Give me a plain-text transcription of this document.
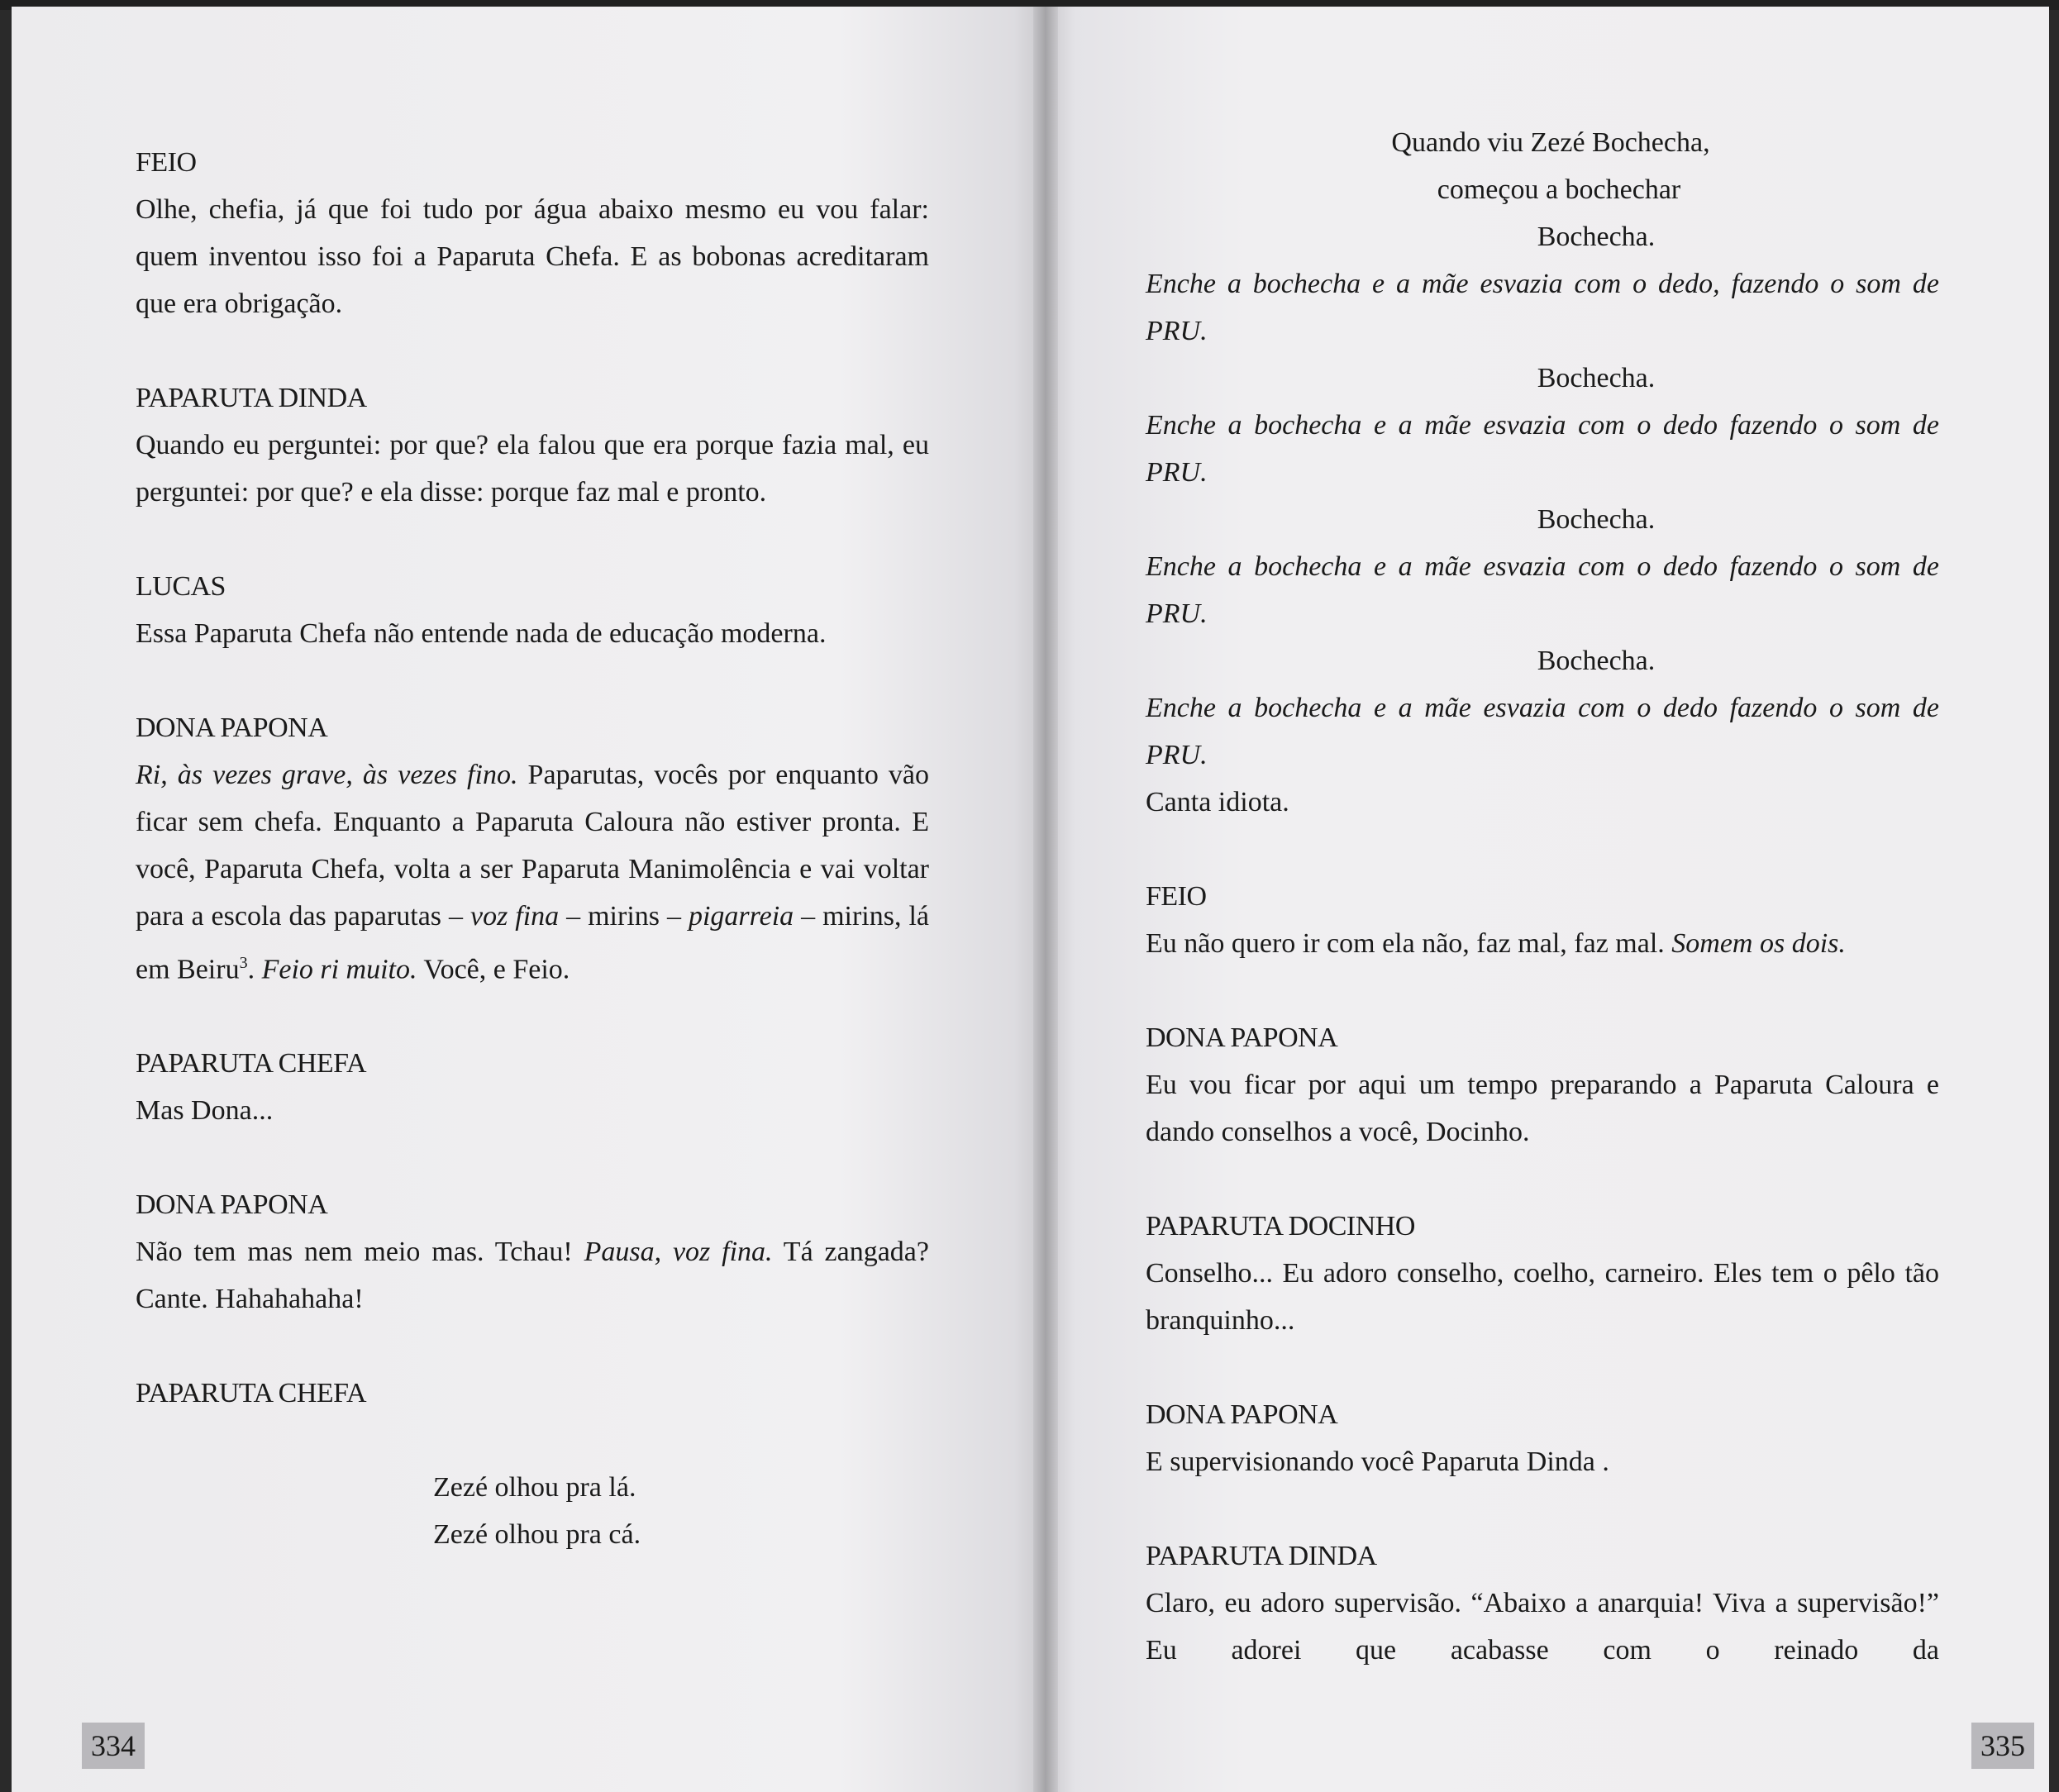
FEIO
Olhe, chefia, já que foi tudo por água abaixo mesmo eu vou falar: quem inventou isso foi a Paparuta Chefa. E as bobonas acreditaram que era obrigação.
PAPARUTA DINDA
Quando eu perguntei: por que? ela falou que era porque fazia mal, eu perguntei: por que? e ela disse: porque faz mal e pronto.
LUCAS
Essa Paparuta Chefa não entende nada de educação moderna.
DONA PAPONA
Ri, às vezes grave, às vezes fino. Paparutas, vocês por enquanto vão ficar sem chefa. Enquanto a Paparuta Caloura não estiver pronta. E você, Paparuta Chefa, volta a ser Paparuta Manimolência e vai voltar para a escola das paparutas – voz fina – mirins – pigarreia – mirins, lá em Beiru$^3$. Feio ri muito. Você, e Feio.
PAPARUTA CHEFA
Mas Dona...
DONA PAPONA
Não tem mas nem meio mas. Tchau! Pausa, voz fina. Tá zangada? Cante. Hahahahaha!
PAPARUTA CHEFA
Zezé olhou pra lá.
Zezé olhou pra cá.
334
Quando viu Zezé Bochecha,
começou a bochechar
Bochecha.
Enche a bochecha e a mãe esvazia com o dedo, fazendo o som de PRU.
Bochecha.
Enche a bochecha e a mãe esvazia com o dedo fazendo o som de PRU.
Bochecha.
Enche a bochecha e a mãe esvazia com o dedo fazendo o som de PRU.
Bochecha.
Enche a bochecha e a mãe esvazia com o dedo fazendo o som de PRU.
Canta idiota.
FEIO
Eu não quero ir com ela não, faz mal, faz mal. Somem os dois.
DONA PAPONA
Eu vou ficar por aqui um tempo preparando a Paparuta Caloura e dando conselhos a você, Docinho.
PAPARUTA DOCINHO
Conselho... Eu adoro conselho, coelho, carneiro. Eles tem o pêlo tão branquinho...
DONA PAPONA
E supervisionando você Paparuta Dinda .
PAPARUTA DINDA
Claro, eu adoro supervisão. “Abaixo a anarquia! Viva a supervisão!” Eu adorei que acabasse com o reinado da
335
